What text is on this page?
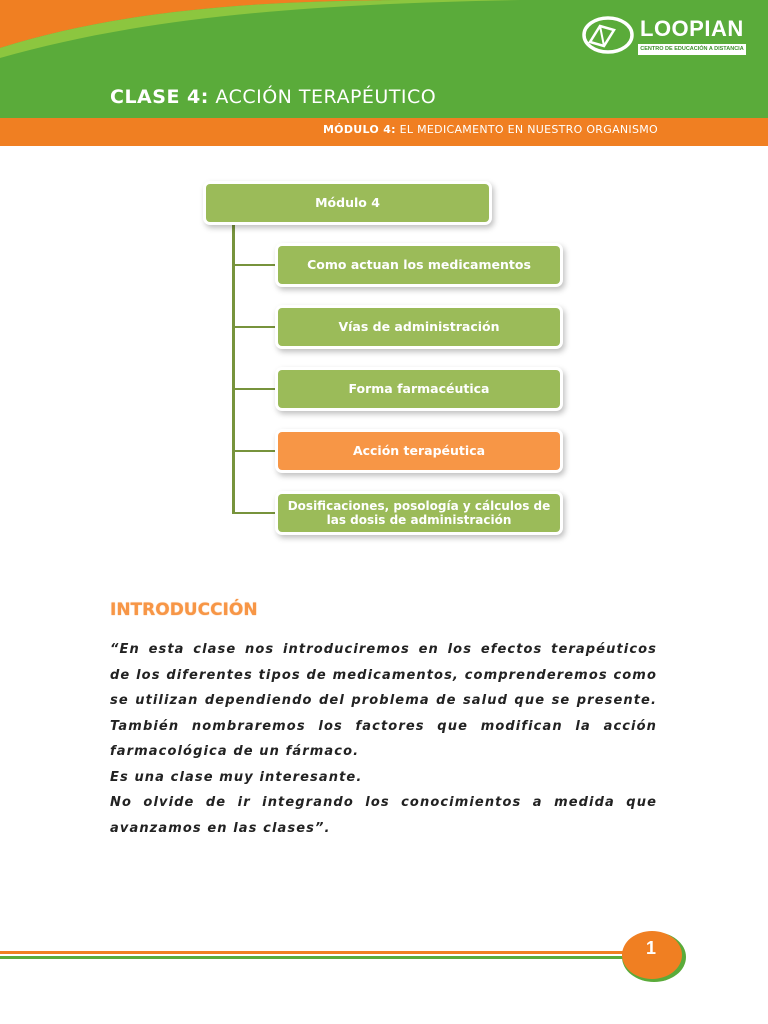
LOOPIAN
CENTRO DE EDUCACIÓN A DISTANCIA
CLASE 4: ACCIÓN TERAPÉUTICO
MÓDULO 4: EL MEDICAMENTO EN NUESTRO ORGANISMO
Módulo 4
Como actuan los medicamentos
Vías de administración
Forma farmacéutica
Acción terapéutica
Dosificaciones, posología y cálculos de las dosis de administración
INTRODUCCIÓN

“En esta clase nos introduciremos en los efectos terapéuticos de los diferentes tipos de medicamentos, comprenderemos como se utilizan dependiendo del problema de salud que se presente. También nombraremos los factores que modifican la acción farmacológica de un fármaco.

Es una clase muy interesante.

No olvide de ir integrando los conocimientos a medida que avanzamos en las clases”.

1
